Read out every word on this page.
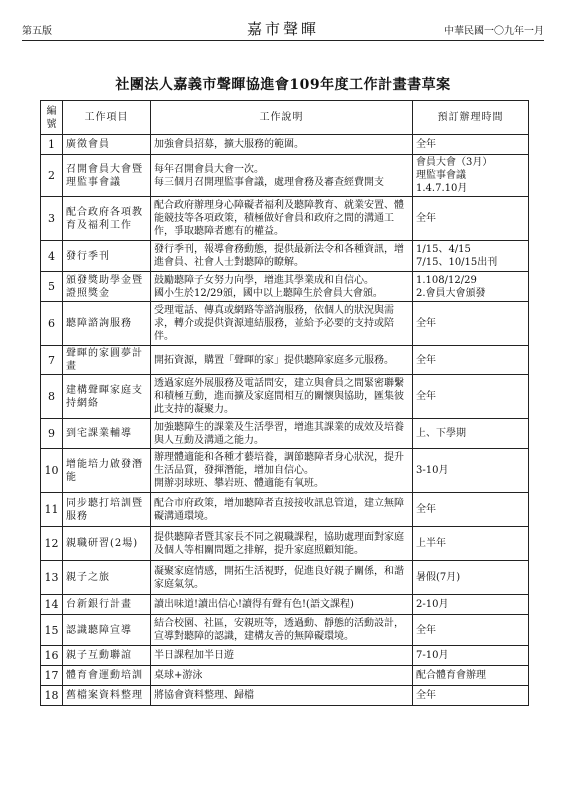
第五版	嘉市聲暉	中華民國一〇九年一月
社團法人嘉義市聲暉協進會109年度工作計畫書草案
編號	工作項目	工作說明	預訂辦理時間
1	廣徵會員	加強會員招募，擴大服務的範圍。	全年
2	召開會員大會暨理監事會議	每年召開會員大會一次。
每三個月召開理監事會議，處理會務及審查經費開支	會員大會（3月）
理監事會議
1.4.7.10月
3	配合政府各項教育及福利工作	配合政府辦理身心障礙者福利及聽障教育、就業安置、體能競技等各項政策，積極做好會員和政府之間的溝通工作，爭取聽障者應有的權益。	全年
4	發行季刊	發行季刊，報導會務動態，提供最新法令和各種資訊，增進會員、社會人士對聽障的瞭解。	1/15、4/15
7/15、10/15出刊
5	頒發獎助學金暨證照獎金	鼓勵聽障子女努力向學，增進其學業成和自信心。
國小生於12/29頒，國中以上聽障生於會員大會頒。	1.108/12/29
2.會員大會頒發
6	聽障諮詢服務	受理電話、傳真或網路等諮詢服務，依個人的狀況與需求，轉介或提供資源連結服務，並給予必要的支持或陪伴。	全年
7	聲暉的家圓夢計畫	開拓資源，購置「聲暉的家」提供聽障家庭多元服務。	全年
8	建構聲暉家庭支持網絡	透過家庭外展服務及電話問安，建立與會員之間緊密聯繫和積極互動，進而擴及家庭間相互的關懷與協助，匯集彼此支持的凝聚力。	全年
9	到宅課業輔導	加強聽障生的課業及生活學習，增進其課業的成效及培養與人互動及溝通之能力。	上、下學期
10	增能培力啟發潛能	辦理體適能和各種才藝培養，調節聽障者身心狀況，提升生活品質，發揮潛能，增加自信心。
開辦羽球班、攀岩班、體適能有氧班。	3-10月
11	同步聽打培訓暨服務	配合市府政策，增加聽障者直接接收訊息管道，建立無障礙溝通環境。	全年
12	親職研習(2場)	提供聽障者暨其家長不同之親職課程，協助處理面對家庭及個人等相關問題之排解，提升家庭照顧知能。	上半年
13	親子之旅	凝聚家庭情感，開拓生活視野，促進良好親子關係，和諧家庭氣氛。	暑假(7月)
14	台新銀行計畫	讀出味道!讀出信心!讀得有聲有色!(語文課程)	2-10月
15	認識聽障宣導	結合校園、社區，安親班等，透過動、靜態的活動設計，宣導對聽障的認識，建構友善的無障礙環境。	全年
16	親子互動聯誼	半日課程加半日遊	7-10月
17	體育會運動培訓	桌球+游泳	配合體育會辦理
18	舊檔案資料整理	將協會資料整理、歸檔	全年
